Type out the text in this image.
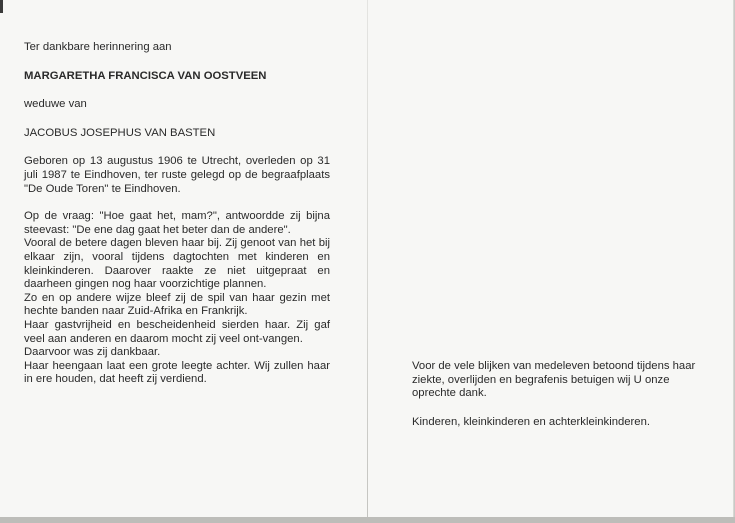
Ter dankbare herinnering aan

MARGARETHA FRANCISCA VAN OOSTVEEN

weduwe van

JACOBUS JOSEPHUS VAN BASTEN

Geboren op 13 augustus 1906 te Utrecht, overleden op 31 juli 1987 te Eindhoven, ter ruste gelegd op de begraafplaats "De Oude Toren" te Eindhoven.

Op de vraag: "Hoe gaat het, mam?", antwoordde zij bijna steevast: "De ene dag gaat het beter dan de andere".

Vooral de betere dagen bleven haar bij. Zij genoot van het bij elkaar zijn, vooral tijdens dagtochten met kinderen en kleinkinderen. Daarover raakte ze niet uitgepraat en daarheen gingen nog haar voorzichtige plannen.

Zo en op andere wijze bleef zij de spil van haar gezin met hechte banden naar Zuid-Afrika en Frankrijk.

Haar gastvrijheid en bescheidenheid sierden haar. Zij gaf veel aan anderen en daarom mocht zij veel ont-vangen.

Daarvoor was zij dankbaar.

Haar heengaan laat een grote leegte achter. Wij zullen haar in ere houden, dat heeft zij verdiend.

Voor de vele blijken van medeleven betoond tijdens haar ziekte, overlijden en begrafenis betuigen wij U onze oprechte dank.

Kinderen, kleinkinderen en achterkleinkinderen.
